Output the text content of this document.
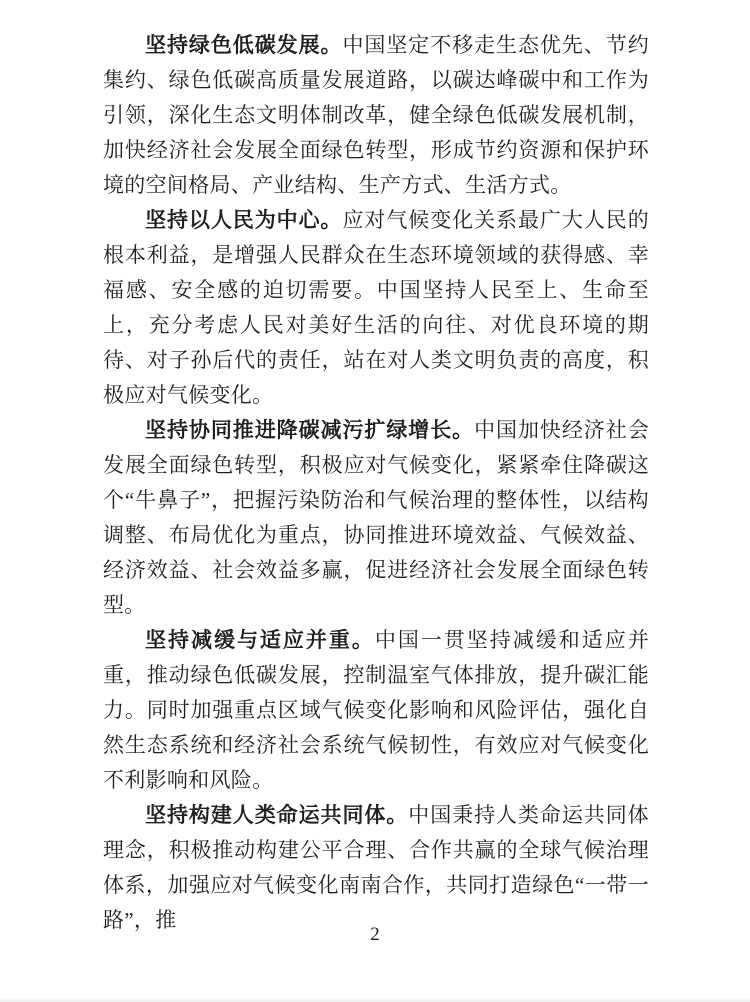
坚持绿色低碳发展。中国坚定不移走生态优先、节约集约、绿色低碳高质量发展道路，以碳达峰碳中和工作为引领，深化生态文明体制改革，健全绿色低碳发展机制，加快经济社会发展全面绿色转型，形成节约资源和保护环境的空间格局、产业结构、生产方式、生活方式。

坚持以人民为中心。应对气候变化关系最广大人民的根本利益，是增强人民群众在生态环境领域的获得感、幸福感、安全感的迫切需要。中国坚持人民至上、生命至上，充分考虑人民对美好生活的向往、对优良环境的期待、对子孙后代的责任，站在对人类文明负责的高度，积极应对气候变化。

坚持协同推进降碳减污扩绿增长。中国加快经济社会发展全面绿色转型，积极应对气候变化，紧紧牵住降碳这个“牛鼻子”，把握污染防治和气候治理的整体性，以结构调整、布局优化为重点，协同推进环境效益、气候效益、经济效益、社会效益多赢，促进经济社会发展全面绿色转型。

坚持减缓与适应并重。中国一贯坚持减缓和适应并重，推动绿色低碳发展，控制温室气体排放，提升碳汇能力。同时加强重点区域气候变化影响和风险评估，强化自然生态系统和经济社会系统气候韧性，有效应对气候变化不利影响和风险。

坚持构建人类命运共同体。中国秉持人类命运共同体理念，积极推动构建公平合理、合作共赢的全球气候治理体系，加强应对气候变化南南合作，共同打造绿色“一带一路”，推

2
